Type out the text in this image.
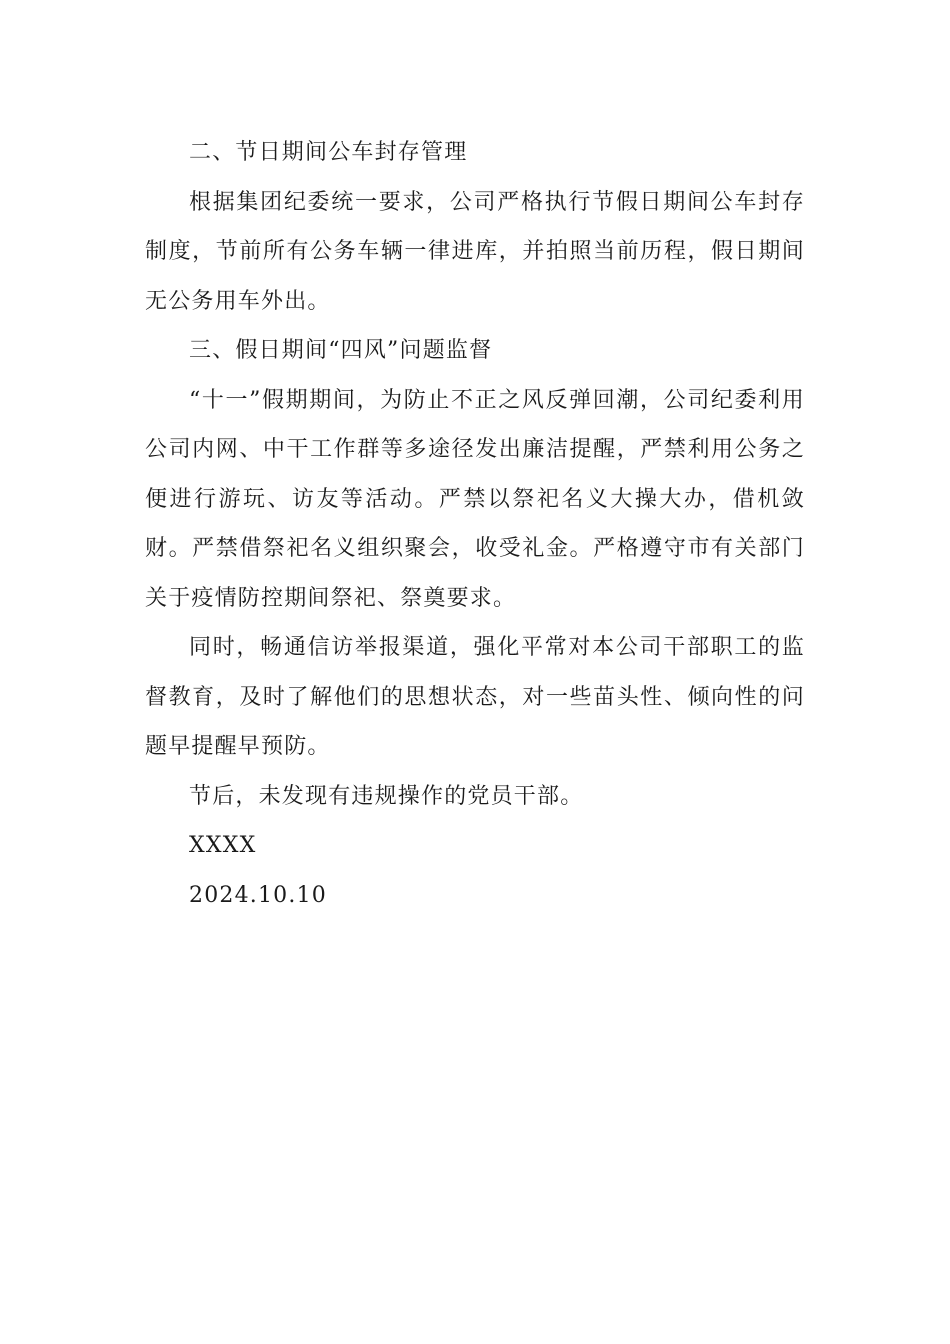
二、节日期间公车封存管理

根据集团纪委统一要求，公司严格执行节假日期间公车封存制度，节前所有公务车辆一律进库，并拍照当前历程，假日期间无公务用车外出。

三、假日期间“四风”问题监督

“十一”假期期间，为防止不正之风反弹回潮，公司纪委利用公司内网、中干工作群等多途径发出廉洁提醒，严禁利用公务之便进行游玩、访友等活动。严禁以祭祀名义大操大办，借机敛财。严禁借祭祀名义组织聚会，收受礼金。严格遵守市有关部门关于疫情防控期间祭祀、祭奠要求。

同时，畅通信访举报渠道，强化平常对本公司干部职工的监督教育，及时了解他们的思想状态，对一些苗头性、倾向性的问题早提醒早预防。

节后，未发现有违规操作的党员干部。

XXXX

2024.10.10
